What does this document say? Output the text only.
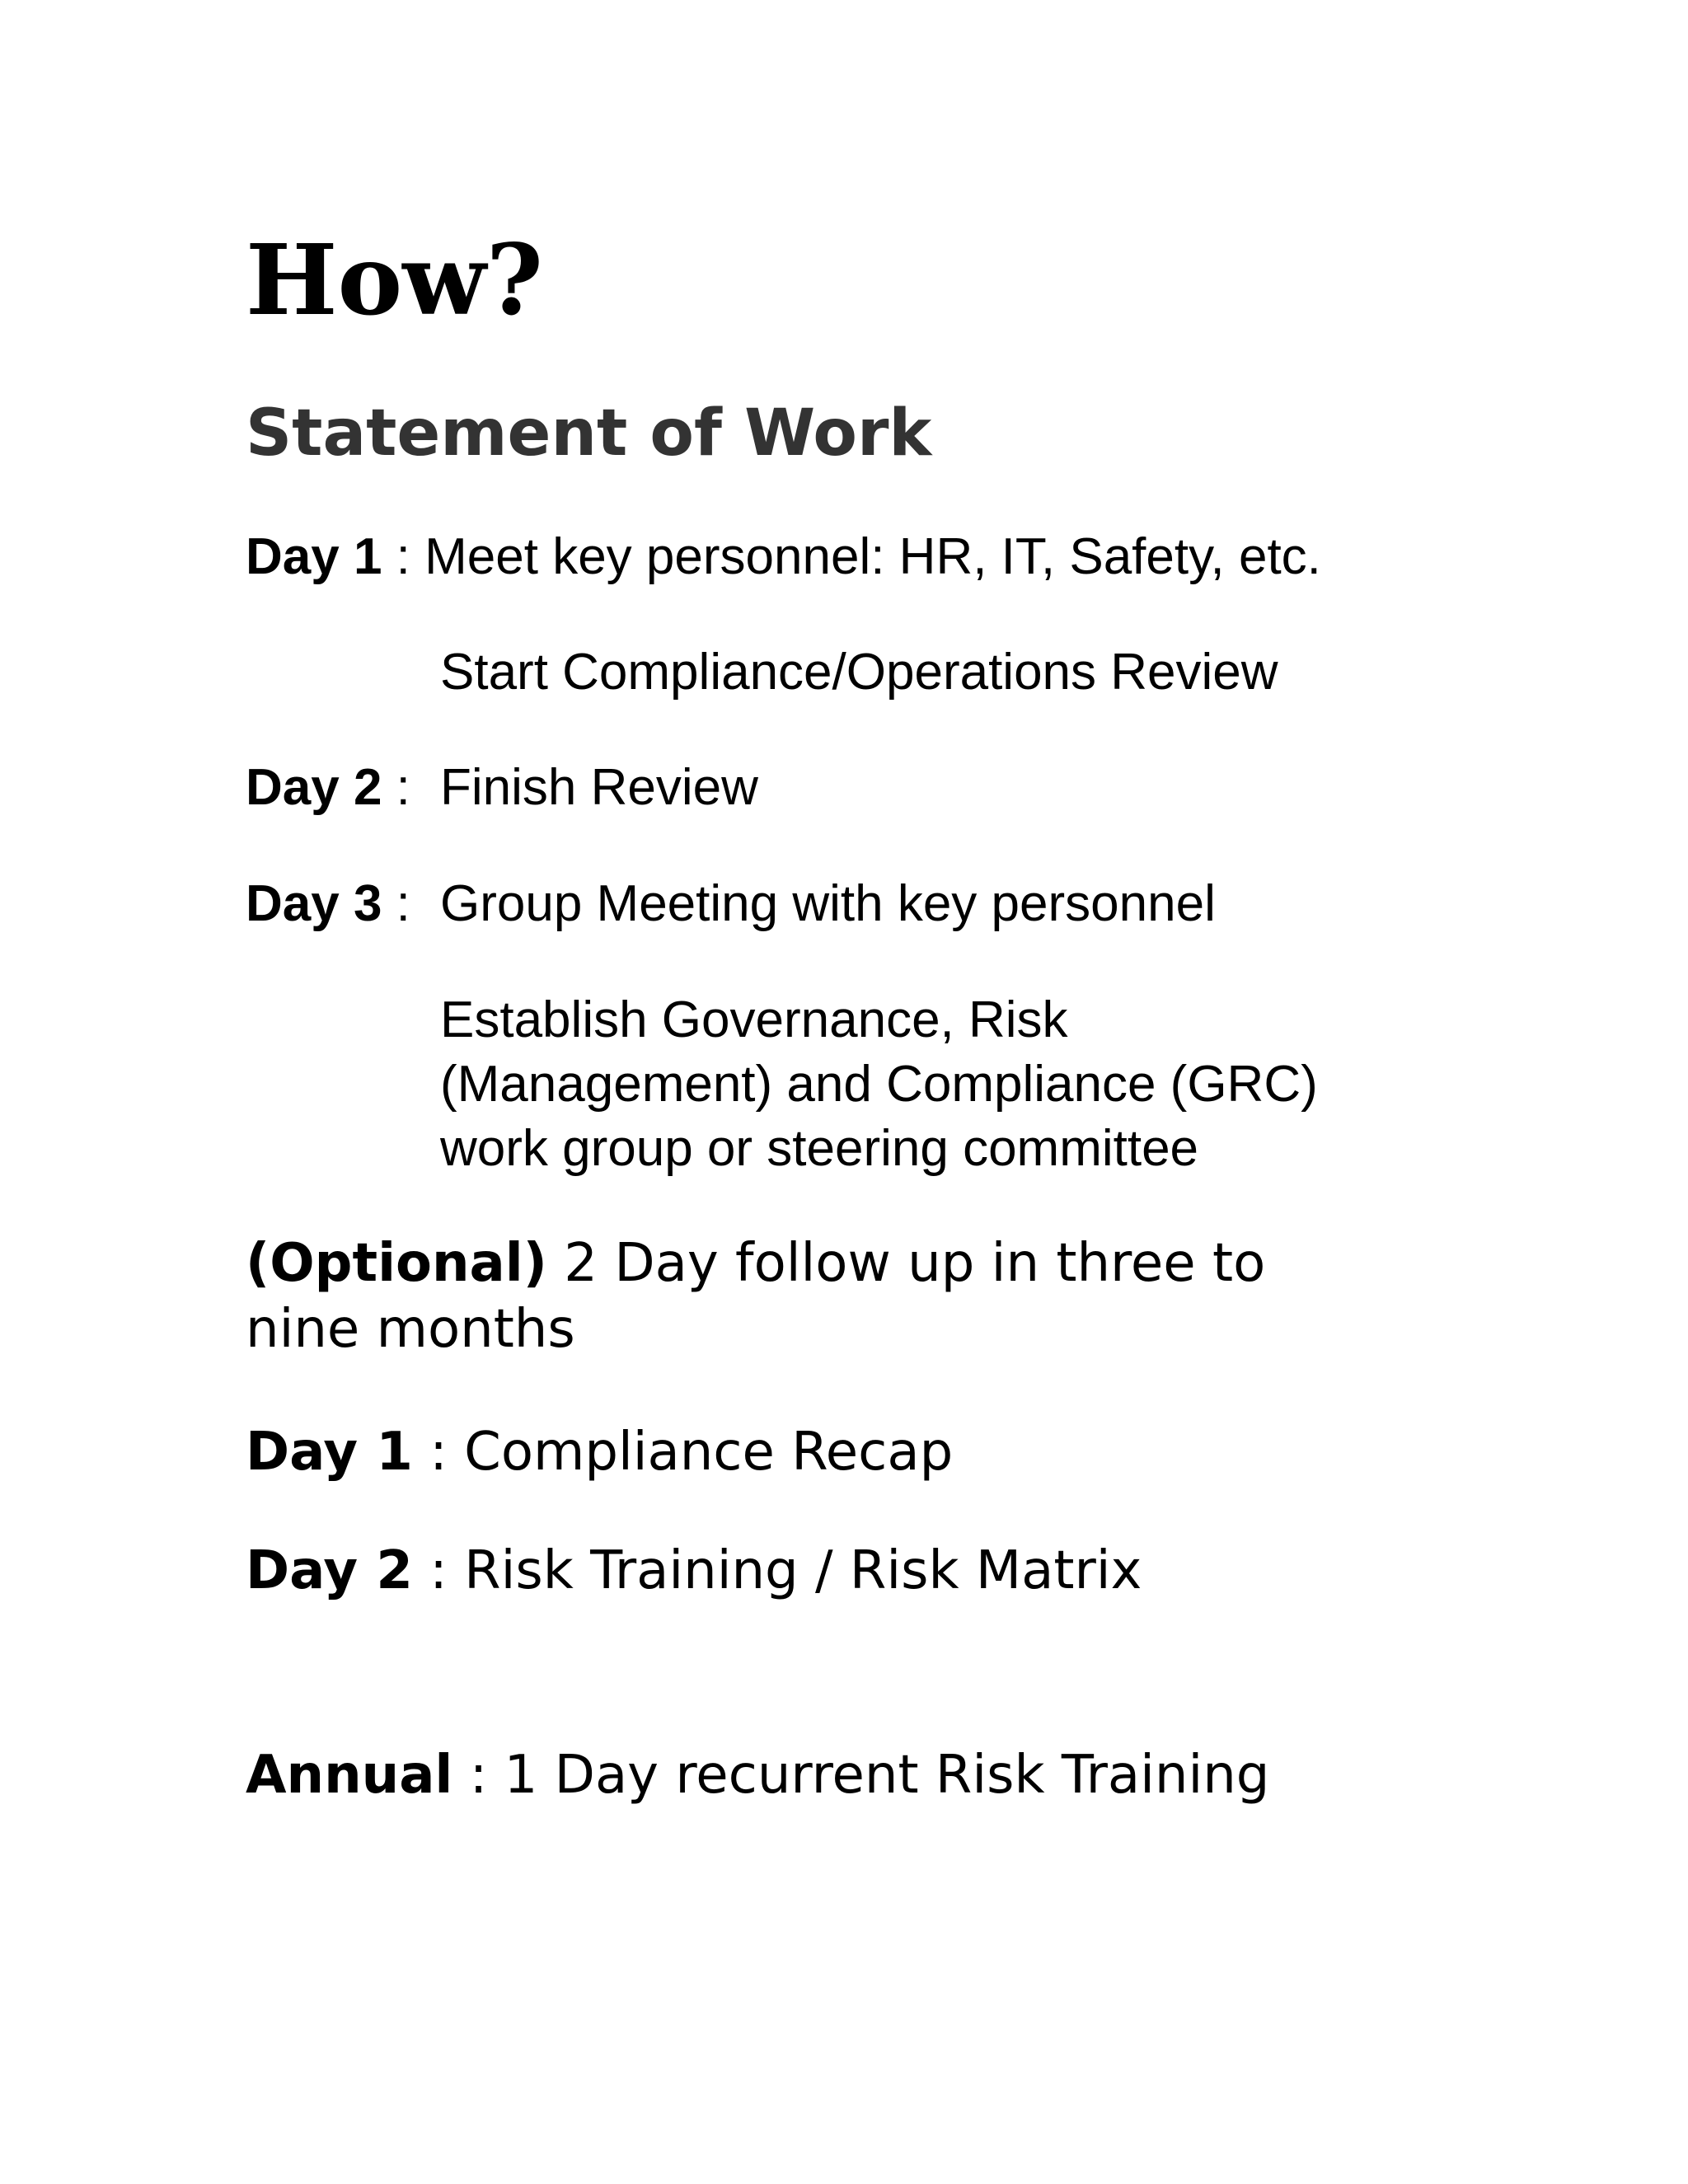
How?
Statement of Work
Day 1 : Meet key personnel: HR, IT, Safety, etc.
Start Compliance/Operations Review
Day 2 : Finish Review
Day 3 : Group Meeting with key personnel
Establish Governance, Risk
(Management) and Compliance (GRC)
work group or steering committee
(Optional) 2 Day follow up in three to
nine months
Day 1 : Compliance Recap
Day 2 : Risk Training / Risk Matrix
Annual : 1 Day recurrent Risk Training
